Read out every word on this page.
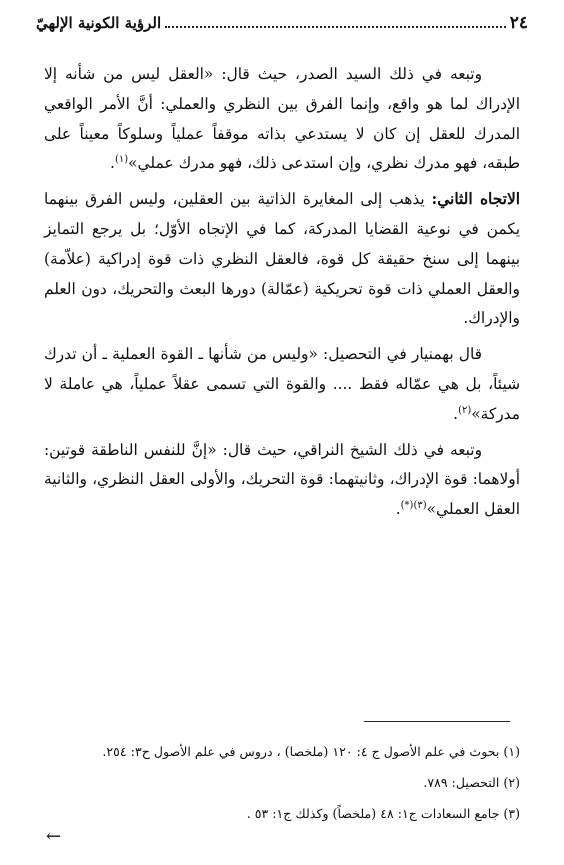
٢٤
الرؤية الكونية الإلهيّ

وتبعه في ذلك السيد الصدر، حيث قال: «العقل ليس من شأنه إلا الإدراك لما هو واقع، وإنما الفرق بين النظري والعملي: أنَّ الأمر الواقعي المدرك للعقل إن كان لا يستدعي بذاته موقفاً عملياً وسلوكاً معيناً على طبقه، فهو مدرك نظري، وإن استدعى ذلك، فهو مدرك عملي»$^{(١)}$.

الاتجاه الثاني: يذهب إلى المغايرة الذاتية بين العقلين، وليس الفرق بينهما يكمن في نوعية القضايا المدركة، كما في الإتجاه الأوّل؛ بل يرجع التمايز بينهما إلى سنخ حقيقة كل قوة، فالعقل النظري ذات قوة إدراكية (علاّمة) والعقل العملي ذات قوة تحريكية (عمّالة) دورها البعث والتحريك، دون العلم والإدراك.

قال بهمنيار في التحصيل: «وليس من شأنها ـ القوة العملية ـ أن تدرك شيئاً، بل هي عمّاله فقط .... والقوة التي تسمى عقلاً عملياً، هي عاملة لا مدركة»$^{(٢)}$.

وتبعه في ذلك الشيخ النراقي، حيث قال: «إنَّ للنفس الناطقة قوتين: أولاهما: قوة الإدراك، وثانيتهما: قوة التحريك، والأولى العقل النظري، والثانية العقل العملي»$^{(٣)(*)}$.

(١) بحوث في علم الأصول ج ٤: ١٢٠ (ملخصا) ، دروس في علم الأصول ح٣: ٢٥٤.
(٢) التحصيل: ٧٨٩.
(٣) جامع السعادات ج١: ٤٨ (ملخصاً) وكذلك ج١: ٥٣ .
←
